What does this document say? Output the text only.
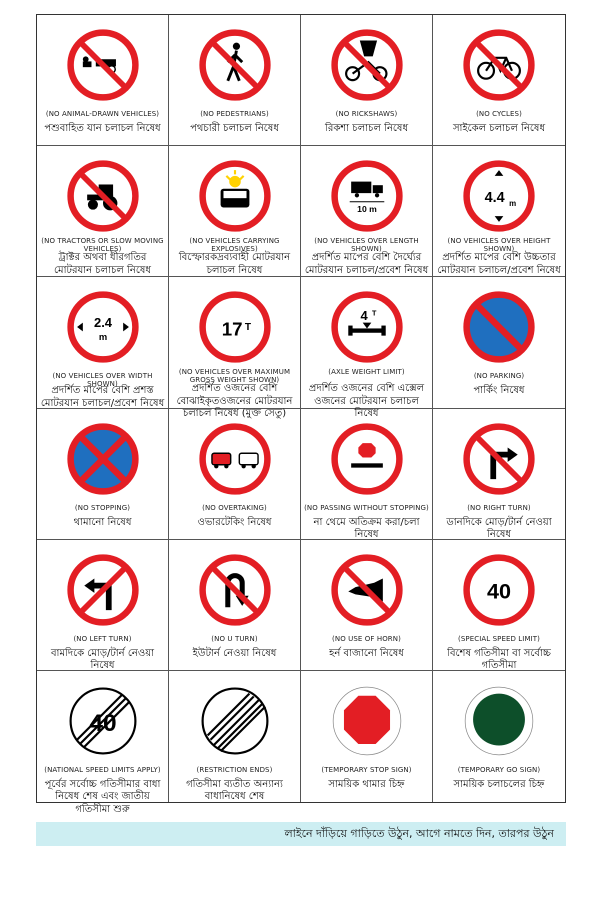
(NO ANIMAL-DRAWN VEHICLES)
পশুবাহিত যান চলাচল নিষেধ
(NO PEDESTRIANS)
পথচারী চলাচল নিষেধ
(NO RICKSHAWS)
রিকশা চলাচল নিষেধ
(NO CYCLES)
সাইকেল চলাচল নিষেধ
(NO TRACTORS OR SLOW MOVING VEHICLES)
ট্রাক্টর অথবা ধীরগতির মোটরযান চলাচল নিষেধ
(NO VEHICLES CARRYING EXPLOSIVES)
বিস্ফোরকদ্রব্যবাহী মোটরযান চলাচল নিষেধ
10 m
(NO VEHICLES OVER LENGTH SHOWN)
প্রদর্শিত মাপের বেশি দৈর্ঘ্যের মোটরযান চলাচল/প্রবেশ নিষেধ
4.4 m
(NO VEHICLES OVER HEIGHT SHOWN)
প্রদর্শিত মাপের বেশি উচ্চতার মোটরযান চলাচল/প্রবেশ নিষেধ
2.4
m
(NO VEHICLES OVER WIDTH SHOWN)
প্রদর্শিত মাপের বেশি প্রশস্ত মোটরযান চলাচল/প্রবেশ নিষেধ
17 T
(NO VEHICLES OVER MAXIMUM GROSS WEIGHT SHOWN)
প্রদর্শিত ওজনের বেশি বোঝাইকৃতওজনের মোটরযান চলাচল নিষেধ (মুক্ত সেতু)
4 T
(AXLE WEIGHT LIMIT)
প্রদর্শিত ওজনের বেশি এক্সেল ওজনের মোটরযান চলাচল নিষেধ
(NO PARKING)
পার্কিং নিষেধ
(NO STOPPING)
থামানো নিষেধ
(NO OVERTAKING)
ওভারটেকিং নিষেধ
(NO PASSING WITHOUT STOPPING)
না থেমে অতিক্রম করা/চলা নিষেধ
(NO RIGHT TURN)
ডানদিকে মোড়/টার্ন নেওয়া নিষেধ
(NO LEFT TURN)
বামদিকে মোড়/টার্ন নেওয়া নিষেধ
(NO U TURN)
ইউটার্ন নেওয়া নিষেধ
(NO USE OF HORN)
হর্ন বাজানো নিষেধ
40
(SPECIAL SPEED LIMIT)
বিশেষ গতিসীমা বা সর্বোচ্চ গতিসীমা
40
(NATIONAL SPEED LIMITS APPLY)
পূর্বের সর্বোচ্চ গতিসীমার বাধা নিষেধ শেষ এবং জাতীয় গতিসীমা শুরু
(RESTRICTION ENDS)
গতিসীমা ব্যতীত অন্যান্য বাধানিষেধ শেষ
(TEMPORARY STOP SIGN)
সাময়িক থামার চিহ্ন
(TEMPORARY GO SIGN)
সাময়িক চলাচলের চিহ্ন
লাইনে দাঁড়িয়ে গাড়িতে উঠুন, আগে নামতে দিন, তারপর উঠুন
